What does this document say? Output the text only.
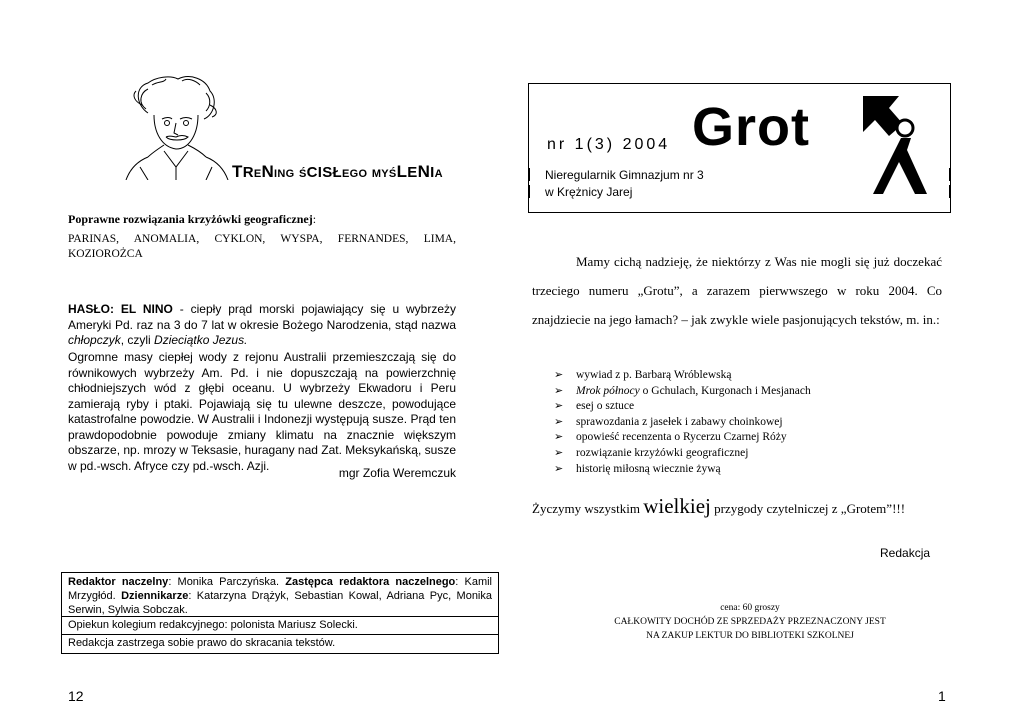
TRENING ŚCISŁEGO MYŚLENIA
Poprawne rozwiązania krzyżówki geograficznej:
PARINAS, ANOMALIA, CYKLON, WYSPA, FERNANDES, LIMA, KOZIOROŻCA
HASŁO: EL NINO - ciepły prąd morski pojawiający się u wybrzeży Ameryki Pd. raz na 3 do 7 lat w okresie Bożego Narodzenia, stąd nazwa chłopczyk, czyli Dzieciątko Jezus.
Ogromne masy ciepłej wody z rejonu Australii przemieszczają się do równikowych wybrzeży Am. Pd. i nie dopuszczają na powierzchnię chłodniejszych wód z głębi oceanu. U wybrzeży Ekwadoru i Peru zamierają ryby i ptaki. Pojawiają się tu ulewne deszcze, powodujące katastrofalne powodzie. W Australii i Indonezji występują susze. Prąd ten prawdopodobnie powoduje zmiany klimatu na znacznie większym obszarze, np. mrozy w Teksasie, huragany nad Zat. Meksykańską, susze w pd.-wsch. Afryce czy pd.-wsch. Azji.
mgr Zofia Weremczuk
Redaktor naczelny: Monika Parczyńska. Zastępca redaktora naczelnego: Kamil Mrzygłód. Dziennikarze: Katarzyna Drążyk, Sebastian Kowal, Adriana Pyc, Monika Serwin, Sylwia Sobczak.
Opiekun kolegium redakcyjnego: polonista Mariusz Solecki.
Redakcja zastrzega sobie prawo do skracania tekstów.
12
nr 1(3) 2004 Grot
Nieregularnik Gimnazjum nr 3
w Krężnicy Jarej
Mamy cichą nadzieję, że niektórzy z Was nie mogli się już doczekać trzeciego numeru „Grotu”, a zarazem pierwwszego w roku 2004. Co znajdziecie na jego łamach? – jak zwykle wiele pasjonujących tekstów, m. in.:
➢ wywiad z p. Barbarą Wróblewską
➢ Mrok północy o Gchulach, Kurgonach i Mesjanach
➢ esej o sztuce
➢ sprawozdania z jasełek i zabawy choinkowej
➢ opowieść recenzenta o Rycerzu Czarnej Róży
➢ rozwiązanie krzyżówki geograficznej
➢ historię miłosną wiecznie żywą
Życzymy wszystkim wielkiej przygody czytelniczej z „Grotem”!!!
Redakcja
cena: 60 groszy
CAŁKOWITY DOCHÓD ZE SPRZEDAŻY PRZEZNACZONY JEST
NA ZAKUP LEKTUR DO BIBLIOTEKI SZKOLNEJ
1
